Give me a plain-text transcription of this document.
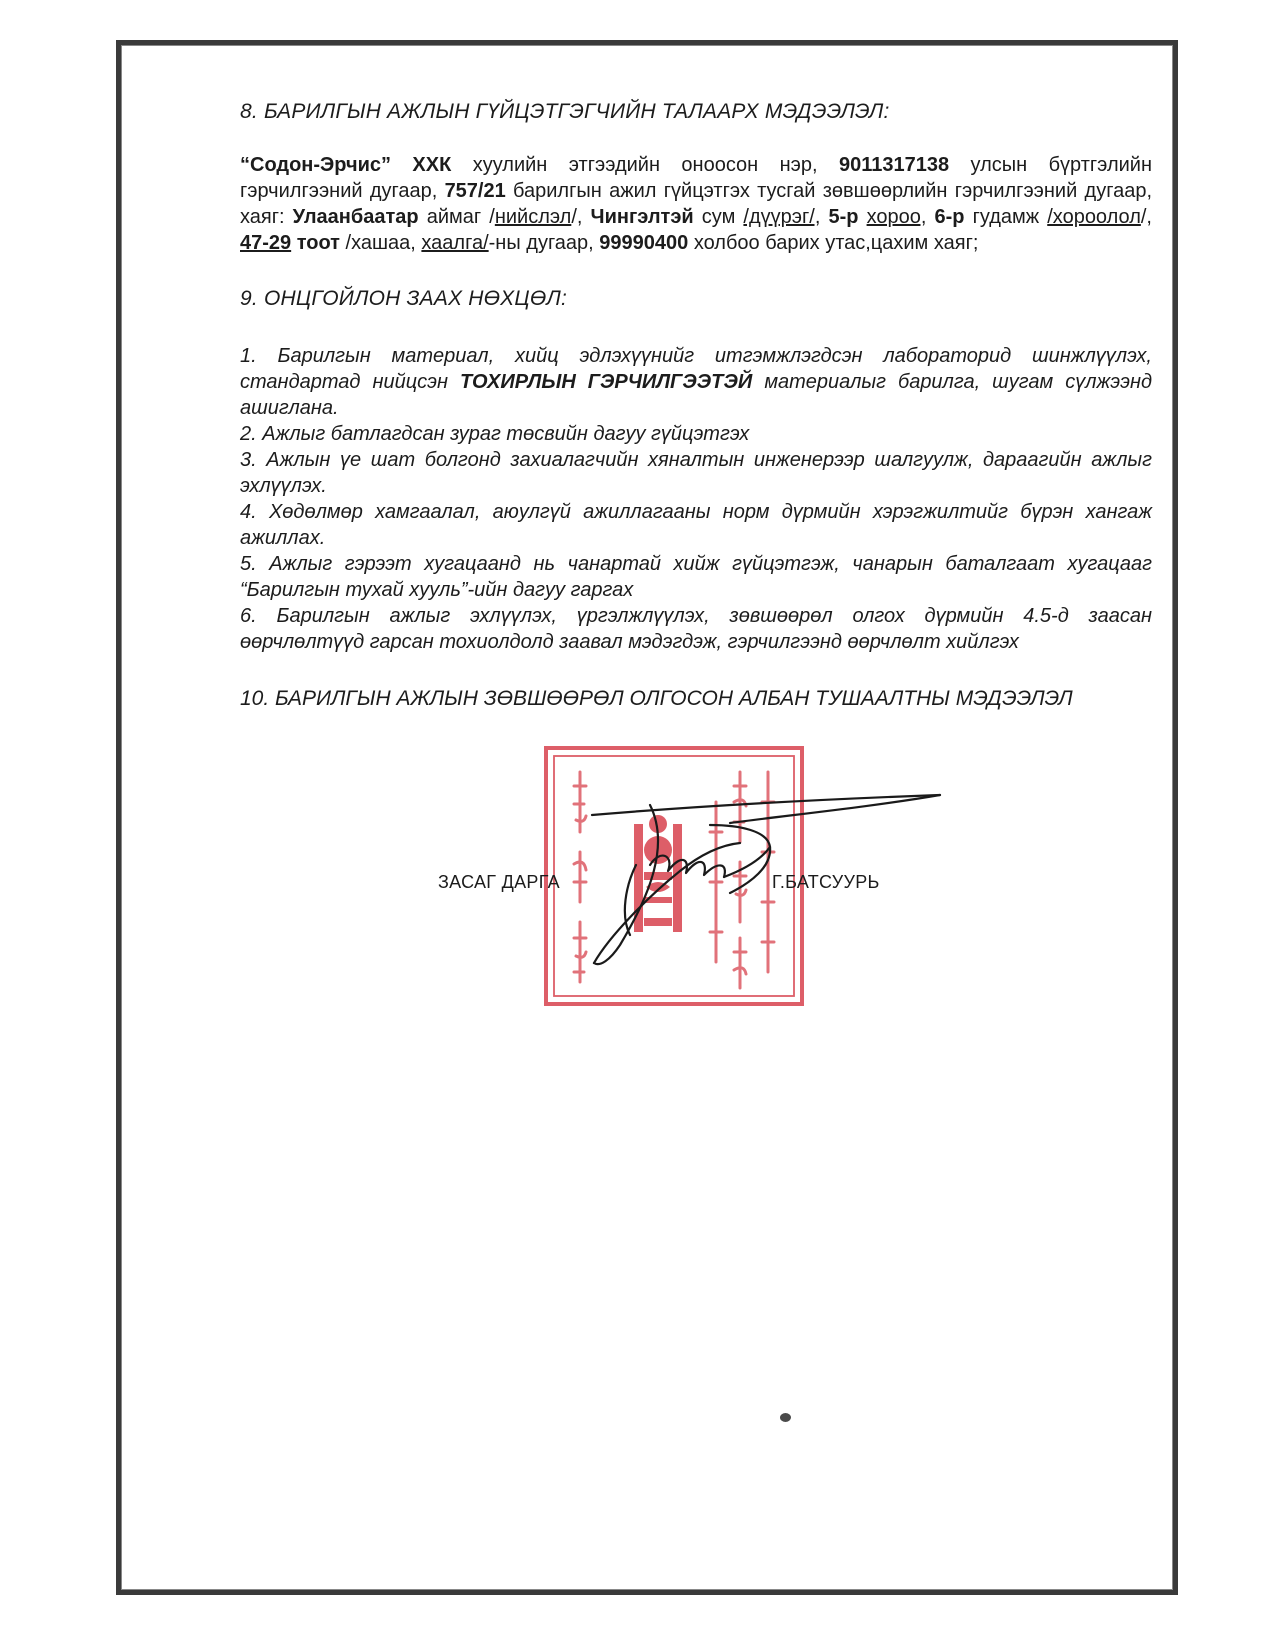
8. БАРИЛГЫН АЖЛЫН ГҮЙЦЭТГЭГЧИЙН ТАЛААРХ МЭДЭЭЛЭЛ:

“Содон-Эрчис” ХХК хуулийн этгээдийн оноосон нэр, 9011317138 улсын бүртгэлийн гэрчилгээний дугаар, 757/21 барилгын ажил гүйцэтгэх тусгай зөвшөөрлийн гэрчилгээний дугаар, хаяг: Улаанбаатар аймаг /нийслэл/, Чингэлтэй сум /дүүрэг/, 5-р хороо, 6-р гудамж /хороолол/, 47-29 тоот /хашаа, хаалга/-ны дугаар, 99990400 холбоо барих утас,цахим хаяг;

9. ОНЦГОЙЛОН ЗААХ НӨХЦӨЛ:

1. Барилгын материал, хийц эдлэхүүнийг итгэмжлэгдсэн лабораторид шинжлүүлэх, стандартад нийцсэн ТОХИРЛЫН ГЭРЧИЛГЭЭТЭЙ материалыг барилга, шугам сүлжээнд ашиглана.

2. Ажлыг батлагдсан зураг төсвийн дагуу гүйцэтгэх

3. Ажлын үе шат болгонд захиалагчийн хяналтын инженерээр шалгуулж, дараагийн ажлыг эхлүүлэх.

4. Хөдөлмөр хамгаалал, аюулгүй ажиллагааны норм дүрмийн хэрэгжилтийг бүрэн хангаж ажиллах.

5. Ажлыг гэрээт хугацаанд нь чанартай хийж гүйцэтгэж, чанарын баталгаат хугацааг “Барилгын тухай хууль”-ийн дагуу гаргах

6. Барилгын ажлыг эхлүүлэх, үргэлжлүүлэх, зөвшөөрөл олгох дүрмийн 4.5-д заасан өөрчлөлтүүд гарсан тохиолдолд заавал мэдэгдэж, гэрчилгээнд өөрчлөлт хийлгэх

10. БАРИЛГЫН АЖЛЫН ЗӨВШӨӨРӨЛ ОЛГОСОН АЛБАН ТУШААЛТНЫ МЭДЭЭЛЭЛ

ЗАСАГ ДАРГА	Г.БАТСУУРЬ
